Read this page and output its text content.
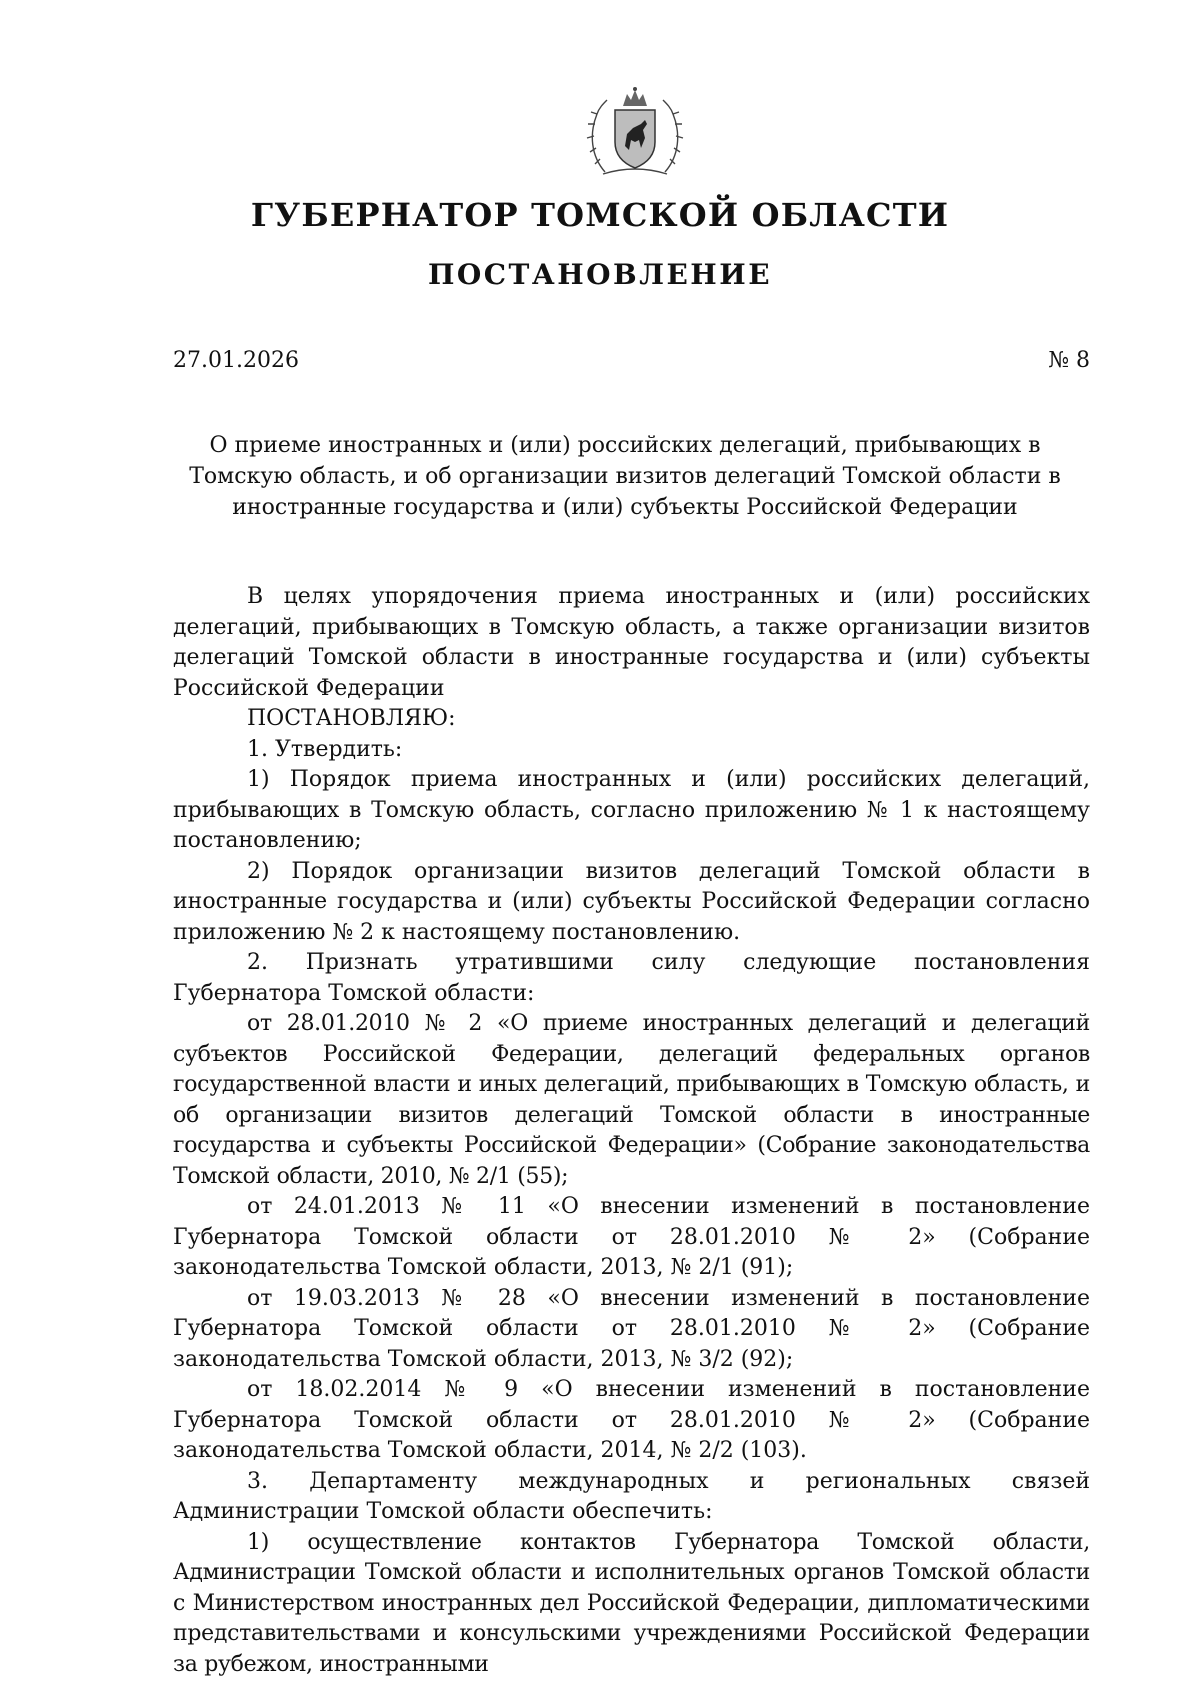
ГУБЕРНАТОР ТОМСКОЙ ОБЛАСТИ
ПОСТАНОВЛЕНИЕ
27.01.2026	№ 8
О приеме иностранных и (или) российских делегаций, прибывающих в Томскую область, и об организации визитов делегаций Томской области в иностранные государства и (или) субъекты Российской Федерации

В целях упорядочения приема иностранных и (или) российских делегаций, прибывающих в Томскую область, а также организации визитов делегаций Томской области в иностранные государства и (или) субъекты Российской Федерации

ПОСТАНОВЛЯЮ:

1. Утвердить:

1) Порядок приема иностранных и (или) российских делегаций, прибывающих в Томскую область, согласно приложению № 1 к настоящему постановлению;

2) Порядок организации визитов делегаций Томской области в иностранные государства и (или) субъекты Российской Федерации согласно приложению № 2 к настоящему постановлению.

2. Признать утратившими силу следующие постановления Губернатора Томской области:

от 28.01.2010 № 2 «О приеме иностранных делегаций и делегаций субъектов Российской Федерации, делегаций федеральных органов государственной власти и иных делегаций, прибывающих в Томскую область, и об организации визитов делегаций Томской области в иностранные государства и субъекты Российской Федерации» (Собрание законодательства Томской области, 2010, № 2/1 (55);

от 24.01.2013 № 11 «О внесении изменений в постановление Губернатора Томской области от 28.01.2010 № 2» (Собрание законодательства Томской области, 2013, № 2/1 (91);

от 19.03.2013 № 28 «О внесении изменений в постановление Губернатора Томской области от 28.01.2010 № 2» (Собрание законодательства Томской области, 2013, № 3/2 (92);

от 18.02.2014 № 9 «О внесении изменений в постановление Губернатора Томской области от 28.01.2010 № 2» (Собрание законодательства Томской области, 2014, № 2/2 (103).

3. Департаменту международных и региональных связей Администрации Томской области обеспечить:

1) осуществление контактов Губернатора Томской области, Администрации Томской области и исполнительных органов Томской области с Министерством иностранных дел Российской Федерации, дипломатическими представительствами и консульскими учреждениями Российской Федерации за рубежом, иностранными
